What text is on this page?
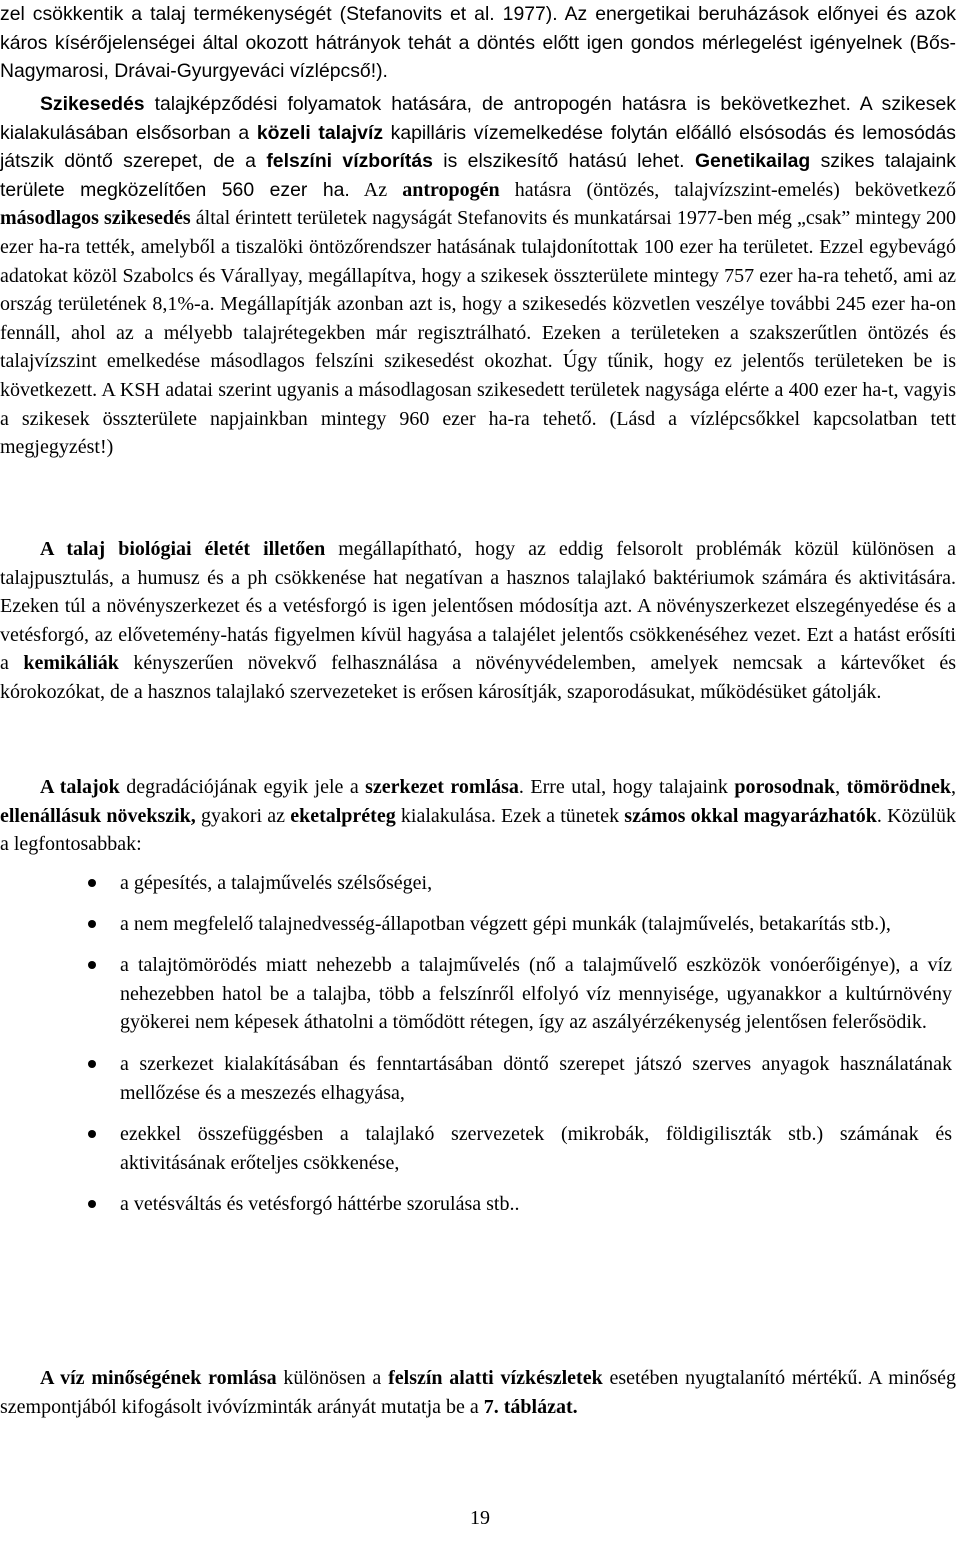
zel csökkentik a talaj termékenységét (Stefanovits et al. 1977). Az energetikai beruházások előnyei és azok káros kísérőjelenségei által okozott hátrányok tehát a döntés előtt igen gondos mérlegelést igényelnek (Bős-Nagymarosi, Drávai-Gyurgyeváci vízlépcső!).

Szikesedés talajképződési folyamatok hatására, de antropogén hatásra is bekövetkezhet. A szikesek kialakulásában elsősorban a közeli talajvíz kapilláris vízemelkedése folytán előálló elsósodás és lemosódás játszik döntő szerepet, de a felszíni vízborítás is elszikesítő hatású lehet. Genetikailag szikes talajaink területe megközelítően 560 ezer ha. Az antropogén hatásra (öntözés, talajvízszint-emelés) bekövetkező másodlagos szikesedés által érintett területek nagyságát Stefanovits és munkatársai 1977-ben még „csak” mintegy 200 ezer ha-ra tették, amelyből a tiszalöki öntözőrendszer hatásának tulajdonítottak 100 ezer ha területet. Ezzel egybevágó adatokat közöl Szabolcs és Várallyay, megállapítva, hogy a szikesek összterülete mintegy 757 ezer ha-ra tehető, ami az ország területének 8,1%-a. Megállapítják azonban azt is, hogy a szikesedés közvetlen veszélye további 245 ezer ha-on fennáll, ahol az a mélyebb talajrétegekben már regisztrálható. Ezeken a területeken a szakszerűtlen öntözés és talajvízszint emelkedése másodlagos felszíni szikesedést okozhat. Úgy tűnik, hogy ez jelentős területeken be is következett. A KSH adatai szerint ugyanis a másodlagosan szikesedett területek nagysága elérte a 400 ezer ha-t, vagyis a szikesek összterülete napjainkban mintegy 960 ezer ha-ra tehető. (Lásd a vízlépcsőkkel kapcsolatban tett megjegyzést!)

A talaj biológiai életét illetően megállapítható, hogy az eddig felsorolt problémák közül különösen a talajpusztulás, a humusz és a ph csökkenése hat negatívan a hasznos talajlakó baktériumok számára és aktivitására. Ezeken túl a növényszerkezet és a vetésforgó is igen jelentősen módosítja azt. A növényszerkezet elszegényedése és a vetésforgó, az elővetemény-hatás figyelmen kívül hagyása a talajélet jelentős csökkenéséhez vezet. Ezt a hatást erősíti a kemikáliák kényszerűen növekvő felhasználása a növényvédelemben, amelyek nemcsak a kártevőket és kórokozókat, de a hasznos talajlakó szervezeteket is erősen károsítják, szaporodásukat, működésüket gátolják.

A talajok degradációjának egyik jele a szerkezet romlása. Erre utal, hogy talajaink porosodnak, tömörödnek, ellenállásuk növekszik, gyakori az eketalpréteg kialakulása. Ezek a tünetek számos okkal magyarázhatók. Közülük a legfontosabbak:

a gépesítés, a talajművelés szélsőségei,
a nem megfelelő talajnedvesség-állapotban végzett gépi munkák (talajművelés, betakarítás stb.),
a talajtömörödés miatt nehezebb a talajművelés (nő a talajművelő eszközök vonóerőigénye), a víz nehezebben hatol be a talajba, több a felszínről elfolyó víz mennyisége, ugyanakkor a kultúrnövény gyökerei nem képesek áthatolni a tömődött rétegen, így az aszályérzékenység jelentősen felerősödik.
a szerkezet kialakításában és fenntartásában döntő szerepet játszó szerves anyagok használatának mellőzése és a meszezés elhagyása,
ezekkel összefüggésben a talajlakó szervezetek (mikrobák, földigiliszták stb.) számának és aktivitásának erőteljes csökkenése,
a vetésváltás és vetésforgó háttérbe szorulása stb..

A víz minőségének romlása különösen a felszín alatti vízkészletek esetében nyugtalanító mértékű. A minőség szempontjából kifogásolt ivóvízminták arányát mutatja be a 7. táblázat.

19
